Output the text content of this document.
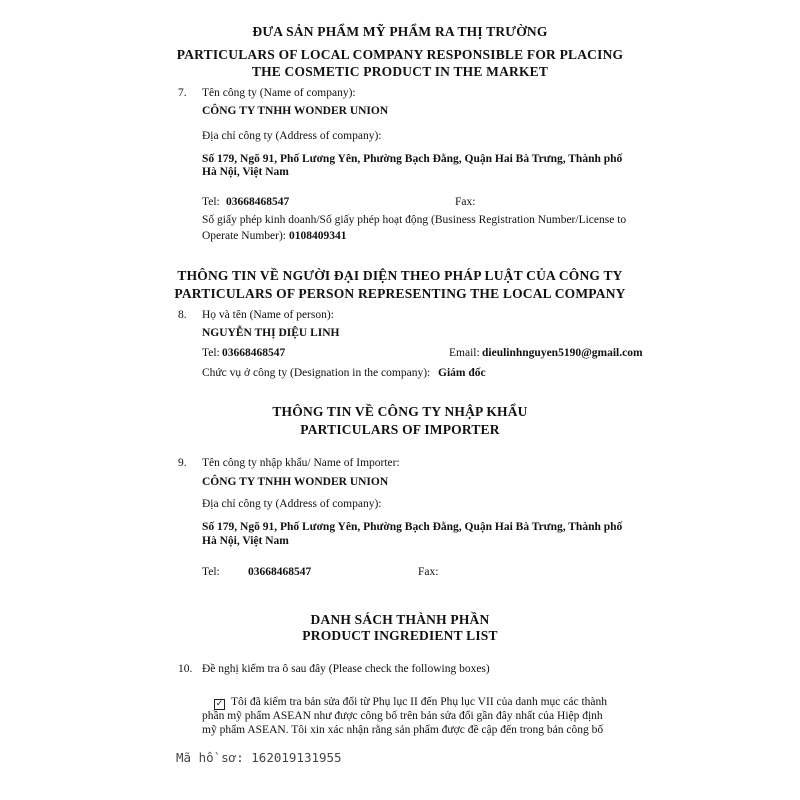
ĐƯA SẢN PHẨM MỸ PHẨM RA THỊ TRƯỜNG
PARTICULARS OF LOCAL COMPANY RESPONSIBLE FOR PLACING
THE COSMETIC PRODUCT IN THE MARKET
7. Tên công ty (Name of company):
CÔNG TY TNHH WONDER UNION
Địa chỉ công ty (Address of company):
Số 179, Ngõ 91, Phố Lương Yên, Phường Bạch Đằng, Quận Hai Bà Trưng, Thành phố
Hà Nội, Việt Nam
Tel: 03668468547	Fax:
Số giấy phép kinh doanh/Số giấy phép hoạt động (Business Registration Number/License to
Operate Number): 0108409341
THÔNG TIN VỀ NGƯỜI ĐẠI DIỆN THEO PHÁP LUẬT CỦA CÔNG TY
PARTICULARS OF PERSON REPRESENTING THE LOCAL COMPANY
8. Họ và tên (Name of person):
NGUYỄN THỊ DIỆU LINH
Tel: 03668468547	Email: dieulinhnguyen5190@gmail.com
Chức vụ ở công ty (Designation in the company): Giám đốc
THÔNG TIN VỀ CÔNG TY NHẬP KHẨU
PARTICULARS OF IMPORTER
9. Tên công ty nhập khẩu/ Name of Importer:
CÔNG TY TNHH WONDER UNION
Địa chỉ công ty (Address of company):
Số 179, Ngõ 91, Phố Lương Yên, Phường Bạch Đằng, Quận Hai Bà Trưng, Thành phố
Hà Nội, Việt Nam
Tel: 03668468547	Fax:
DANH SÁCH THÀNH PHẦN
PRODUCT INGREDIENT LIST
10. Đề nghị kiểm tra ô sau đây (Please check the following boxes)
✓ Tôi đã kiểm tra bản sửa đổi từ Phụ lục II đến Phụ lục VII của danh mục các thành
phần mỹ phẩm ASEAN như được công bố trên bản sửa đổi gần đây nhất của Hiệp định
mỹ phẩm ASEAN. Tôi xin xác nhận rằng sản phẩm được đề cập đến trong bản công bố
Mã hồ sơ: 162019131955
